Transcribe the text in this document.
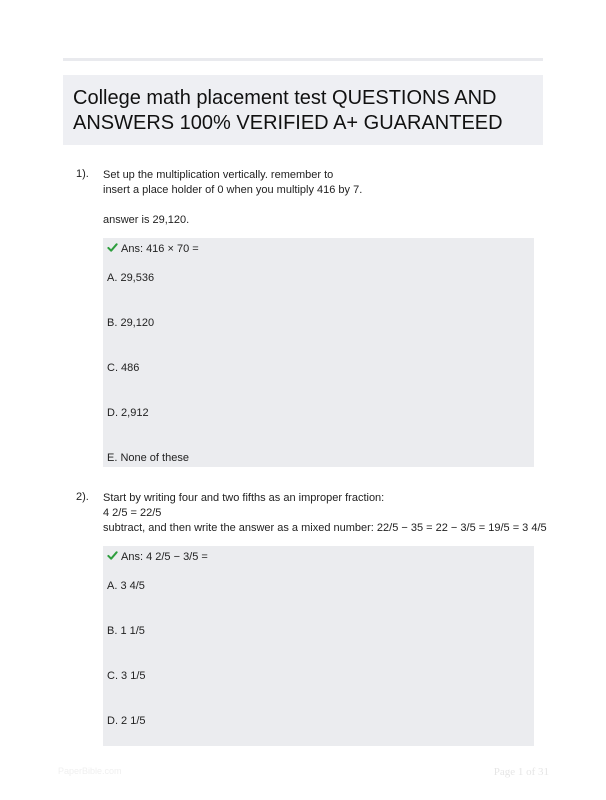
College math placement test QUESTIONS AND
ANSWERS 100% VERIFIED A+ GUARANTEED
1). Set up the multiplication vertically. remember to
insert a place holder of 0 when you multiply 416 by 7.
answer is 29,120.
Ans: 416 × 70 =
A. 29,536
B. 29,120
C. 486
D. 2,912
E. None of these
2). Start by writing four and two fifths as an improper fraction:
4 2/5 = 22/5
subtract, and then write the answer as a mixed number: 22/5 − 35 = 22 − 3/5 = 19/5 = 3 4/5
Ans: 4 2/5 − 3/5 =
A. 3 4/5
B. 1 1/5
C. 3 1/5
D. 2 1/5
PaperBible.com	Page 1 of 31
